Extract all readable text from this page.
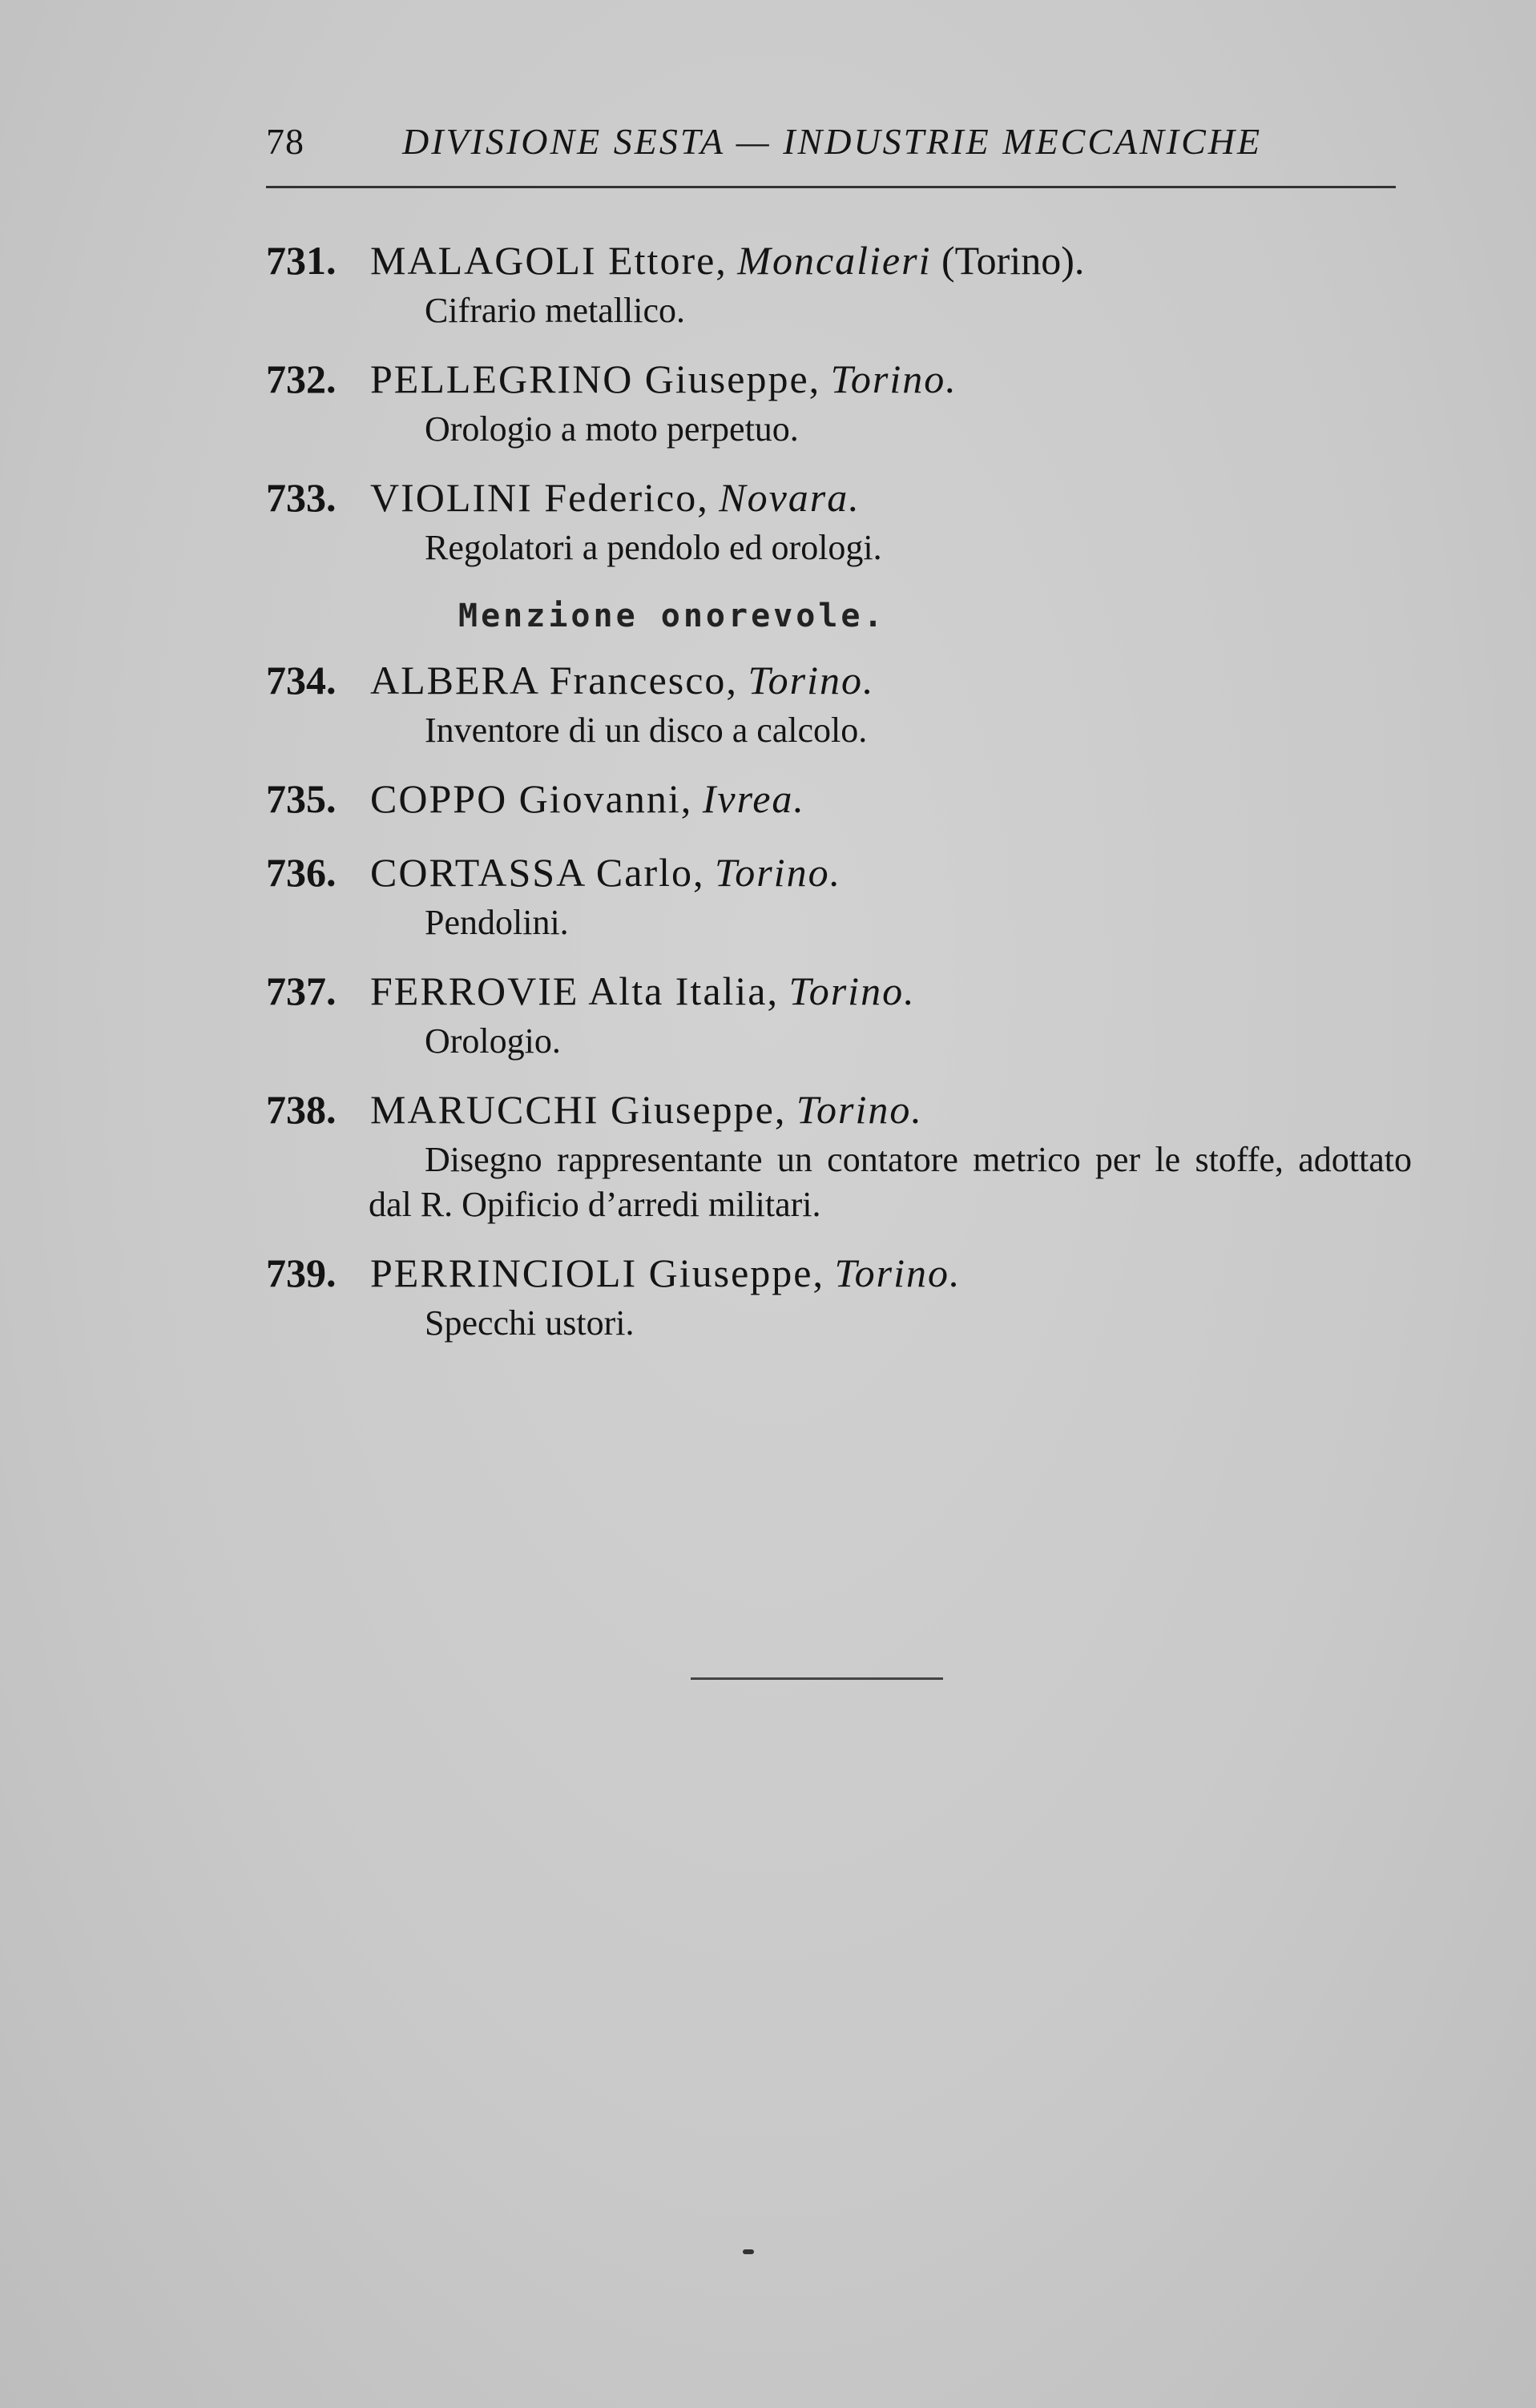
78	DIVISIONE SESTA — INDUSTRIE MECCANICHE
731. MALAGOLI Ettore, Moncalieri (Torino).
Cifrario metallico.
732. PELLEGRINO Giuseppe, Torino.
Orologio a moto perpetuo.
733. VIOLINI Federico, Novara.
Regolatori a pendolo ed orologi.
Menzione onorevole.
734. ALBERA Francesco, Torino.
Inventore di un disco a calcolo.
735. COPPO Giovanni, Ivrea.
736. CORTASSA Carlo, Torino.
Pendolini.
737. FERROVIE Alta Italia, Torino.
Orologio.
738. MARUCCHI Giuseppe, Torino.
Disegno rappresentante un contatore metrico per le stoffe, adottato dal R. Opificio d’arredi militari.
739. PERRINCIOLI Giuseppe, Torino.
Specchi ustori.
